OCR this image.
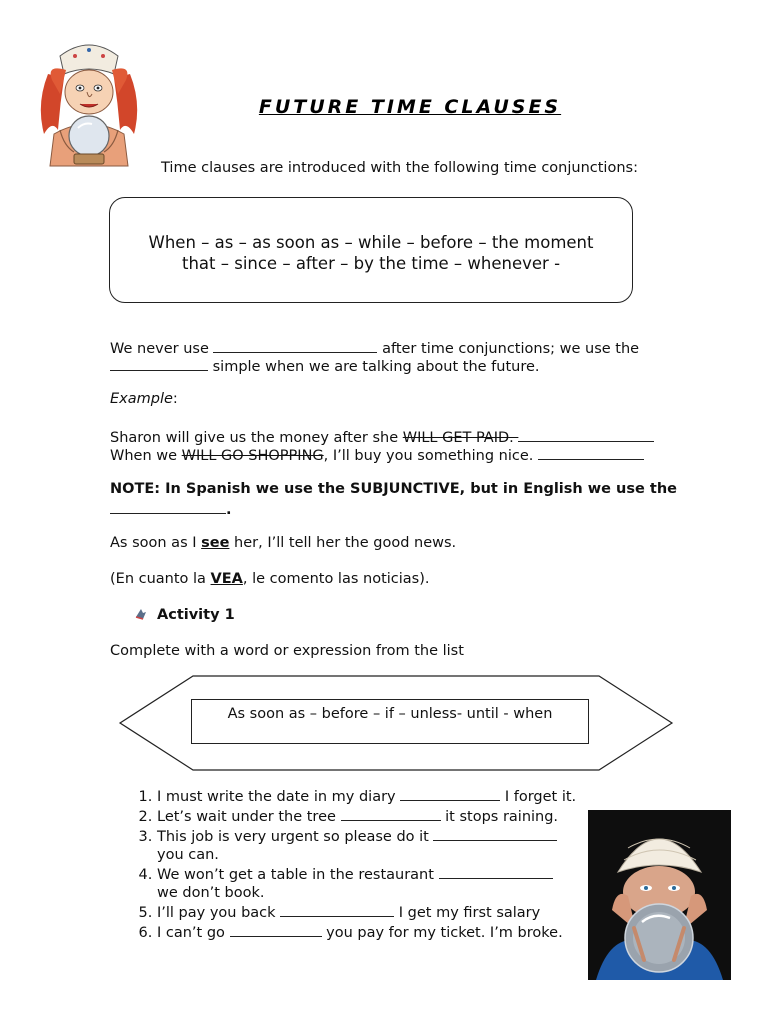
FUTURE TIME CLAUSES
Time clauses are introduced with the following time conjunctions:
When – as – as soon as – while – before – the moment
that – since – after – by the time – whenever -
We never use	after time conjunctions; we use the
simple when we are talking about the future.
Example:
Sharon will give us the money after she WILL GET PAID.
When we WILL GO SHOPPING, I’ll buy you something nice.
NOTE: In Spanish we use the SUBJUNCTIVE, but in English we use the
.
As soon as I see her, I’ll tell her the good news.
(En cuanto la VEA, le comento las noticias).
Activity 1
Complete with a word or expression from the list
As soon as – before – if – unless- until - when
1. I must write the date in my diary	I forget it.
2. Let’s wait under the tree	it stops raining.
3. This job is very urgent so please do it
you can.
4. We won’t get a table in the restaurant
we don’t book.
5. I’ll pay you back	I get my first salary
6. I can’t go	you pay for my ticket. I’m broke.
